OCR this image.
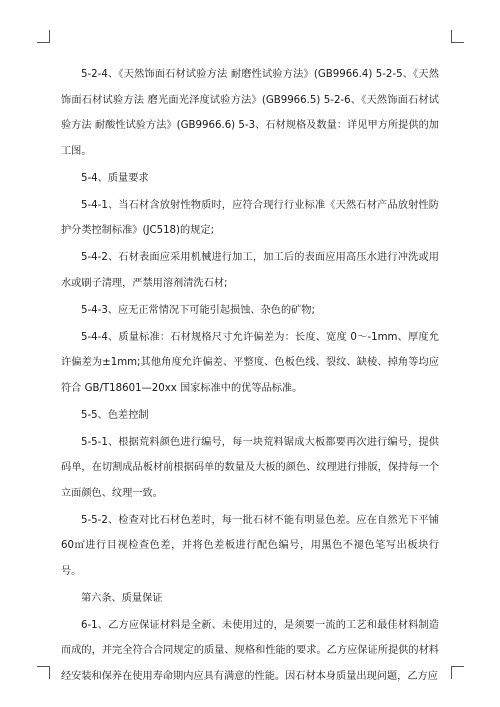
5-2-4、《天然饰面石材试验方法 耐磨性试验方法》(GB9966.4) 5-2-5、《天然饰面石材试验方法 磨光面光泽度试验方法》(GB9966.5) 5-2-6、《天然饰面石材试验方法 耐酸性试验方法》(GB9966.6) 5-3、石材规格及数量：详见甲方所提供的加工图。

5-4、质量要求

5-4-1、当石材含放射性物质时，应符合现行行业标准《天然石材产品放射性防护分类控制标准》(JC518)的规定;

5-4-2、石材表面应采用机械进行加工，加工后的表面应用高压水进行冲洗或用水或刷子清理，严禁用溶剂清洗石材;

5-4-3、应无正常情况下可能引起损蚀、杂色的矿物;

5-4-4、质量标准：石材规格尺寸允许偏差为：长度、宽度 0～-1mm、厚度允许偏差为±1mm;其他角度允许偏差、平整度、色板色线、裂纹、缺棱、掉角等均应符合 GB/T18601—20xx 国家标准中的优等品标准。

5-5、色差控制

5-5-1、根据荒料颜色进行编号，每一块荒料锯成大板都要再次进行编号，提供码单，在切割成品板材前根据码单的数量及大板的颜色、纹理进行排版，保持每一个立面颜色、纹理一致。

5-5-2、检查对比石材色差时，每一批石材不能有明显色差。应在自然光下平铺60㎡进行目视检查色差，并将色差板进行配色编号，用黑色不褪色笔写出板块行号。

第六条、质量保证

6-1、乙方应保证材料是全新、未使用过的，是须要一流的工艺和最佳材料制造而成的，并完全符合合同规定的质量、规格和性能的要求。乙方应保证所提供的材料经安装和保养在使用寿命期内应具有满意的性能。因石材本身质量出现问题，乙方应
